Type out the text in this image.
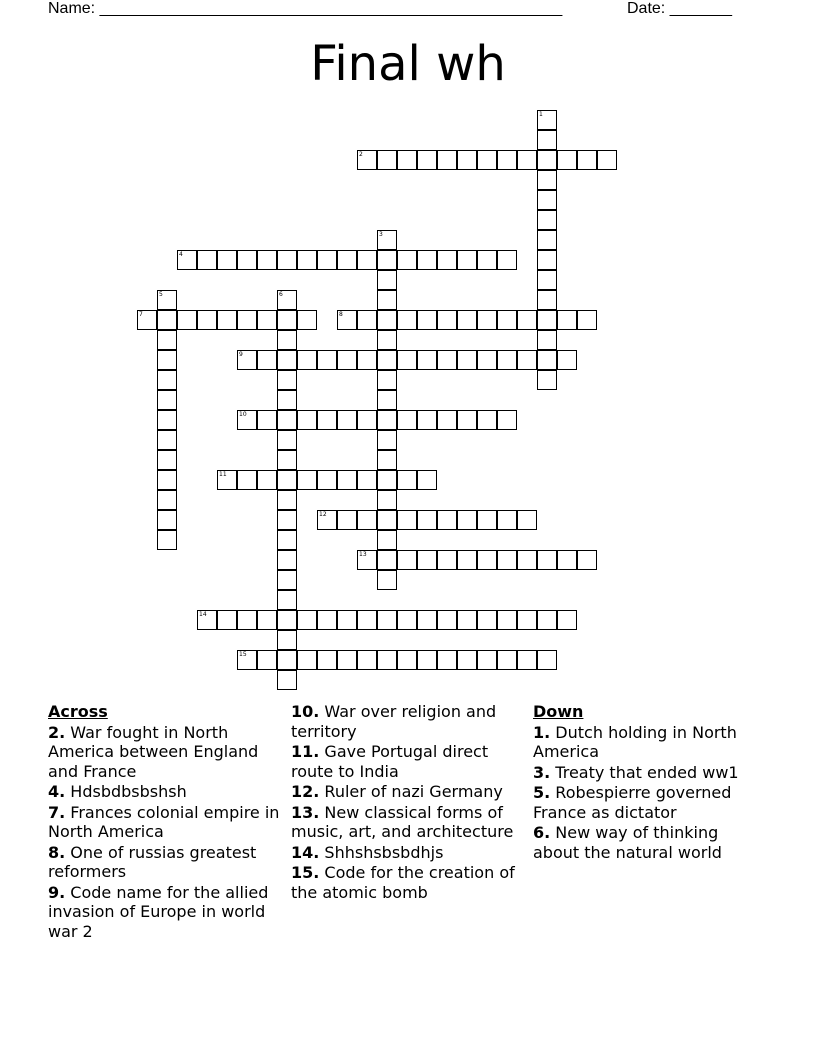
Name: ____________________________________________________	Date: _______
Final wh
1
2
3
4
5	6
7	8
9
10
11
12
13
14
15
Across
2. War fought in North America between England and France
4. Hdsbdbsbshsh
7. Frances colonial empire in North America
8. One of russias greatest reformers
9. Code name for the allied invasion of Europe in world war 2
10. War over religion and territory
11. Gave Portugal direct route to India
12. Ruler of nazi Germany
13. New classical forms of music, art, and architecture
14. Shhshsbsbdhjs
15. Code for the creation of the atomic bomb
Down
1. Dutch holding in North America
3. Treaty that ended ww1
5. Robespierre governed France as dictator
6. New way of thinking about the natural world
